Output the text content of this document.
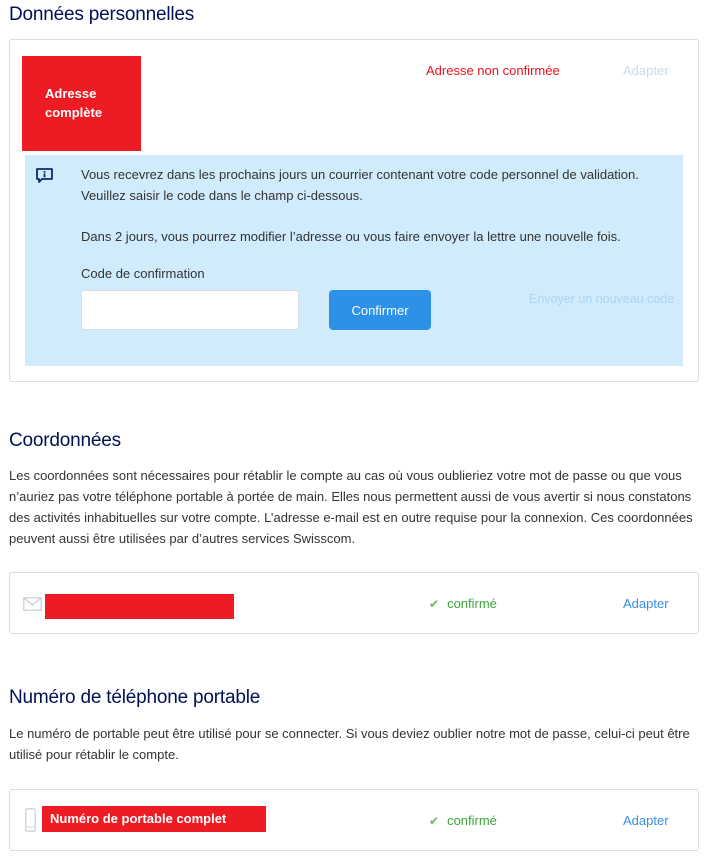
Données personnelles
Adresse complète
Adresse non confirmée	Adapter

Vous recevrez dans les prochains jours un courrier contenant votre code personnel de validation. Veuillez saisir le code dans le champ ci-dessous.

Dans 2 jours, vous pourrez modifier l’adresse ou vous faire envoyer la lettre une nouvelle fois.

Code de confirmation
Confirmer
Envoyer un nouveau code
Coordonnées

Les coordonnées sont nécessaires pour rétablir le compte au cas où vous oublieriez votre mot de passe ou que vous n’auriez pas votre téléphone portable à portée de main. Elles nous permettent aussi de vous avertir si nous constatons des activités inhabituelles sur votre compte. L’adresse e-mail est en outre requise pour la connexion. Ces coordonnées peuvent aussi être utilisées par d’autres services Swisscom.

✔ confirmé	Adapter
Numéro de téléphone portable

Le numéro de portable peut être utilisé pour se connecter. Si vous deviez oublier notre mot de passe, celui-ci peut être utilisé pour rétablir le compte.

Numéro de portable complet	✔ confirmé	Adapter
